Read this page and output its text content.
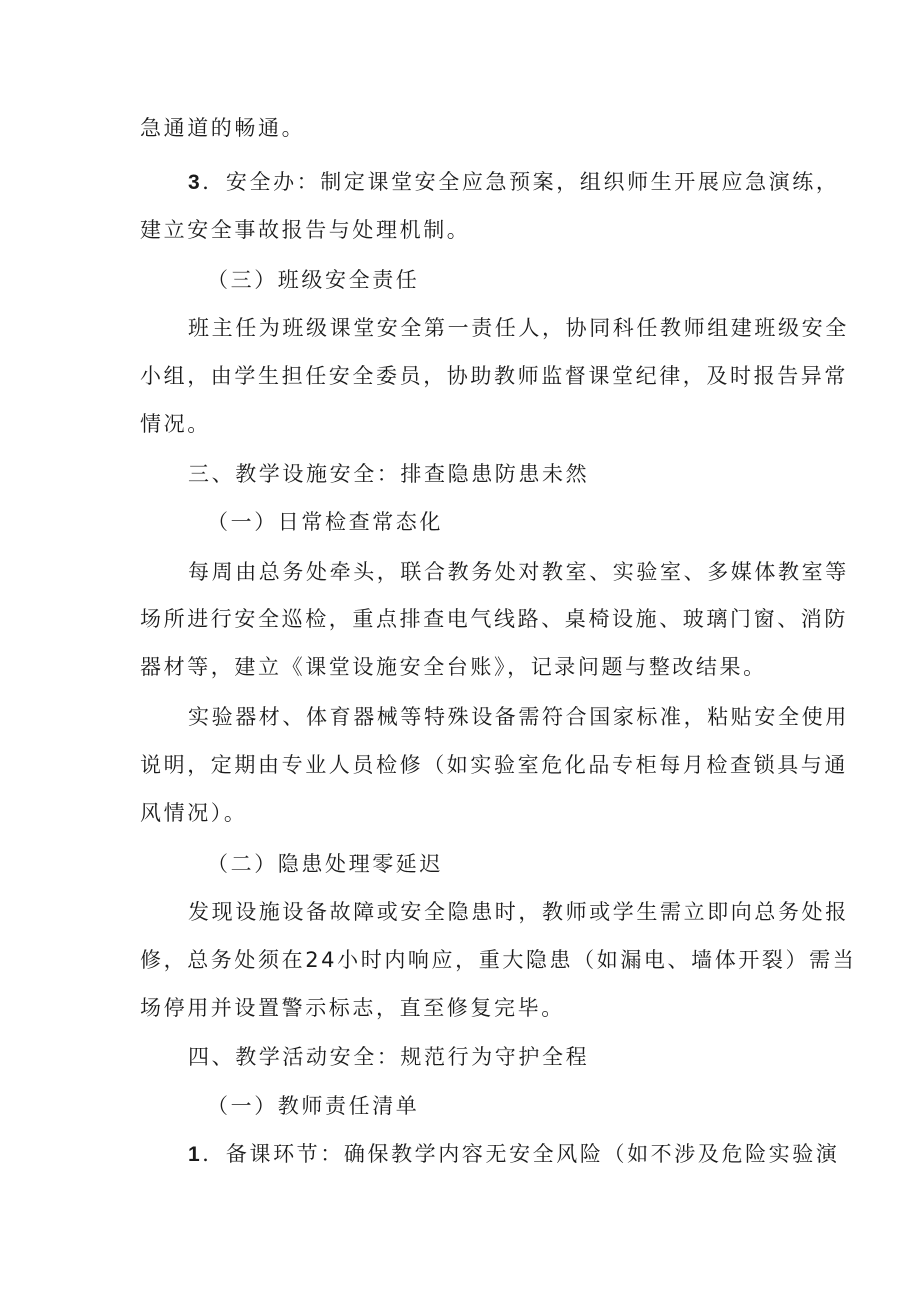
急通道的畅通。
3．安全办：制定课堂安全应急预案，组织师生开展应急演练，
建立安全事故报告与处理机制。
（三）班级安全责任
班主任为班级课堂安全第一责任人，协同科任教师组建班级安全
小组，由学生担任安全委员，协助教师监督课堂纪律，及时报告异常
情况。
三、教学设施安全：排查隐患防患未然
（一）日常检查常态化
每周由总务处牵头，联合教务处对教室、实验室、多媒体教室等
场所进行安全巡检，重点排查电气线路、桌椅设施、玻璃门窗、消防
器材等，建立《课堂设施安全台账》，记录问题与整改结果。
实验器材、体育器械等特殊设备需符合国家标准，粘贴安全使用
说明，定期由专业人员检修（如实验室危化品专柜每月检查锁具与通
风情况）。
（二）隐患处理零延迟
发现设施设备故障或安全隐患时，教师或学生需立即向总务处报
修，总务处须在24小时内响应，重大隐患（如漏电、墙体开裂）需当
场停用并设置警示标志，直至修复完毕。
四、教学活动安全：规范行为守护全程
（一）教师责任清单
1．备课环节：确保教学内容无安全风险（如不涉及危险实验演
